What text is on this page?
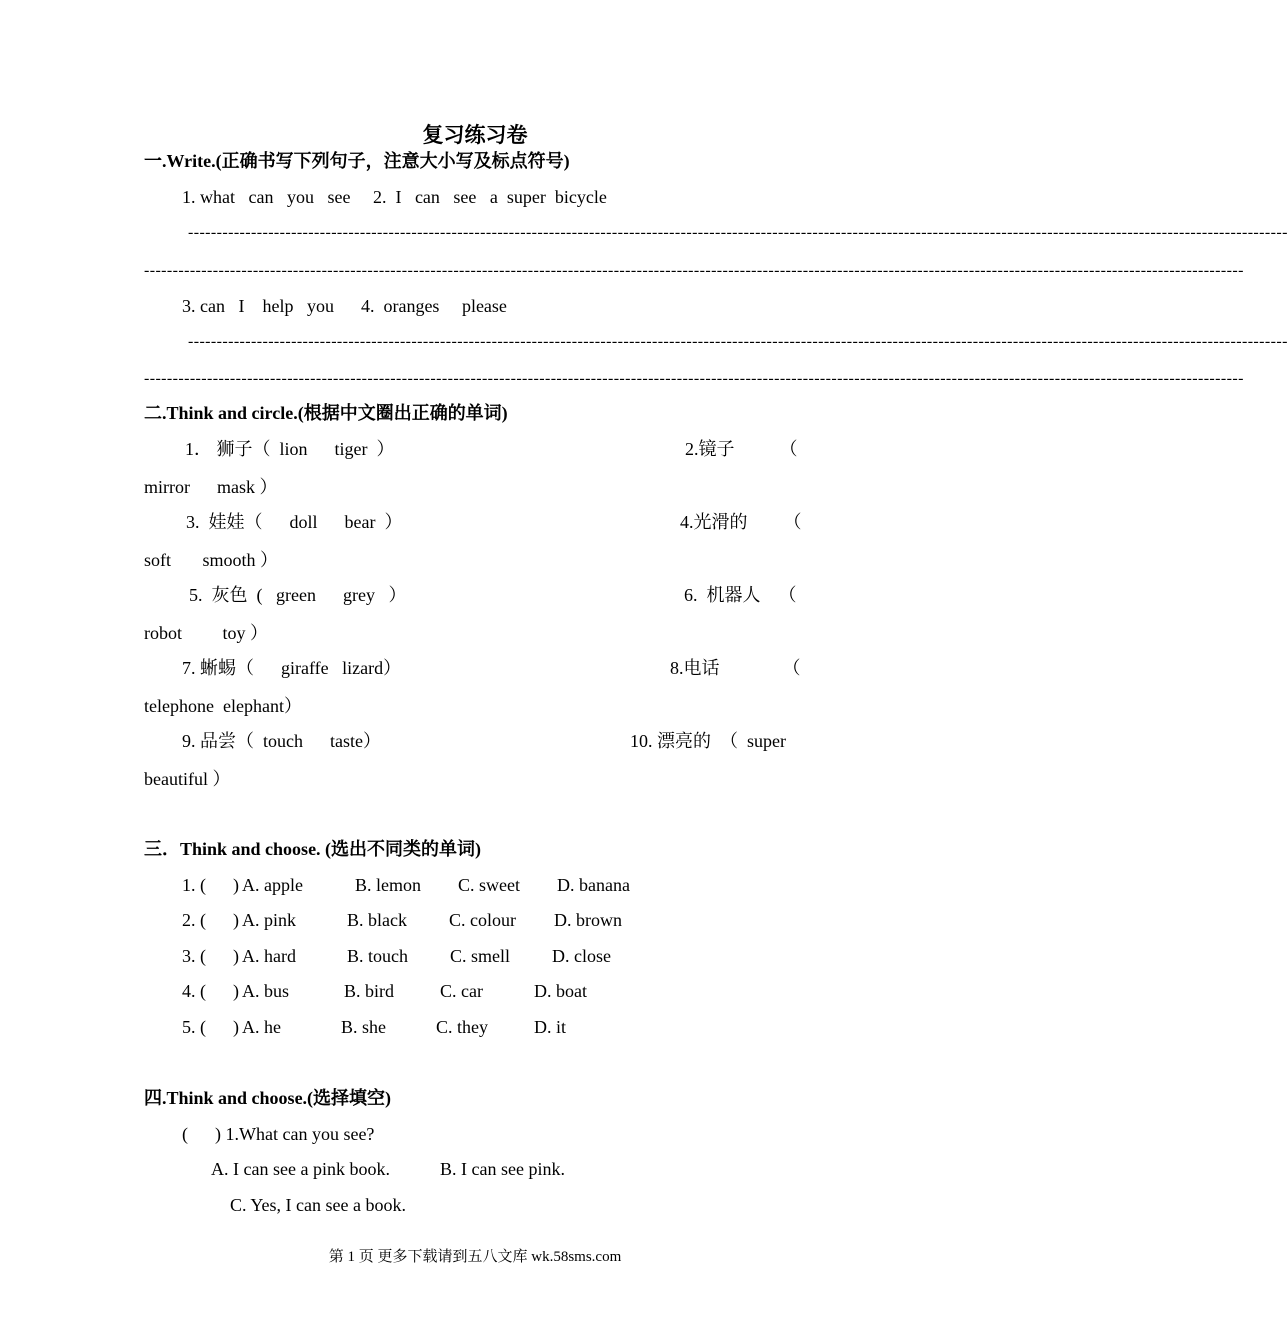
复习练习卷
一.Write.(正确书写下列句子，注意大小写及标点符号)
1. what   can   you   see     2.  I   can   see   a  super  bicycle
------------------------------------------------------------------------------------------------------------------------------------------------------------------------------------------------
------------------------------------------------------------------------------------------------------------------------------------------------------------------------------------------------
3. can   I    help   you      4.  oranges     please
------------------------------------------------------------------------------------------------------------------------------------------------------------------------------------------------
------------------------------------------------------------------------------------------------------------------------------------------------------------------------------------------------
二.Think and circle.(根据中文圈出正确的单词)
1． 狮子（  lion      tiger  ）	2.镜子          （
mirror      mask ）
3.  娃娃（      doll      bear  ）	4.光滑的        （
soft       smooth ）
5.  灰色  (   green      grey   ）	6.  机器人    （
robot         toy ）
7. 蜥蜴（      giraffe   lizard）	8.电话              （
telephone  elephant）
9. 品尝（  touch      taste）	10. 漂亮的  （  super
beautiful ）
三．Think and choose. (选出不同类的单词)
1. (      ) A. apple	B. lemon C. sweet D. banana
2. (      ) A. pink	B. black C. colour D. brown
3. (      ) A. hard	B. touch C. smell D. close
4. (      ) A. bus	B. bird	C. car	D. boat
5. (      ) A. he	B. she	C. they	D. it
四.Think and choose.(选择填空)
(      ) 1.What can you see?
A. I can see a pink book.	B. I can see pink.
C. Yes, I can see a book.
第 1 页 更多下载请到五八文库 wk.58sms.com
